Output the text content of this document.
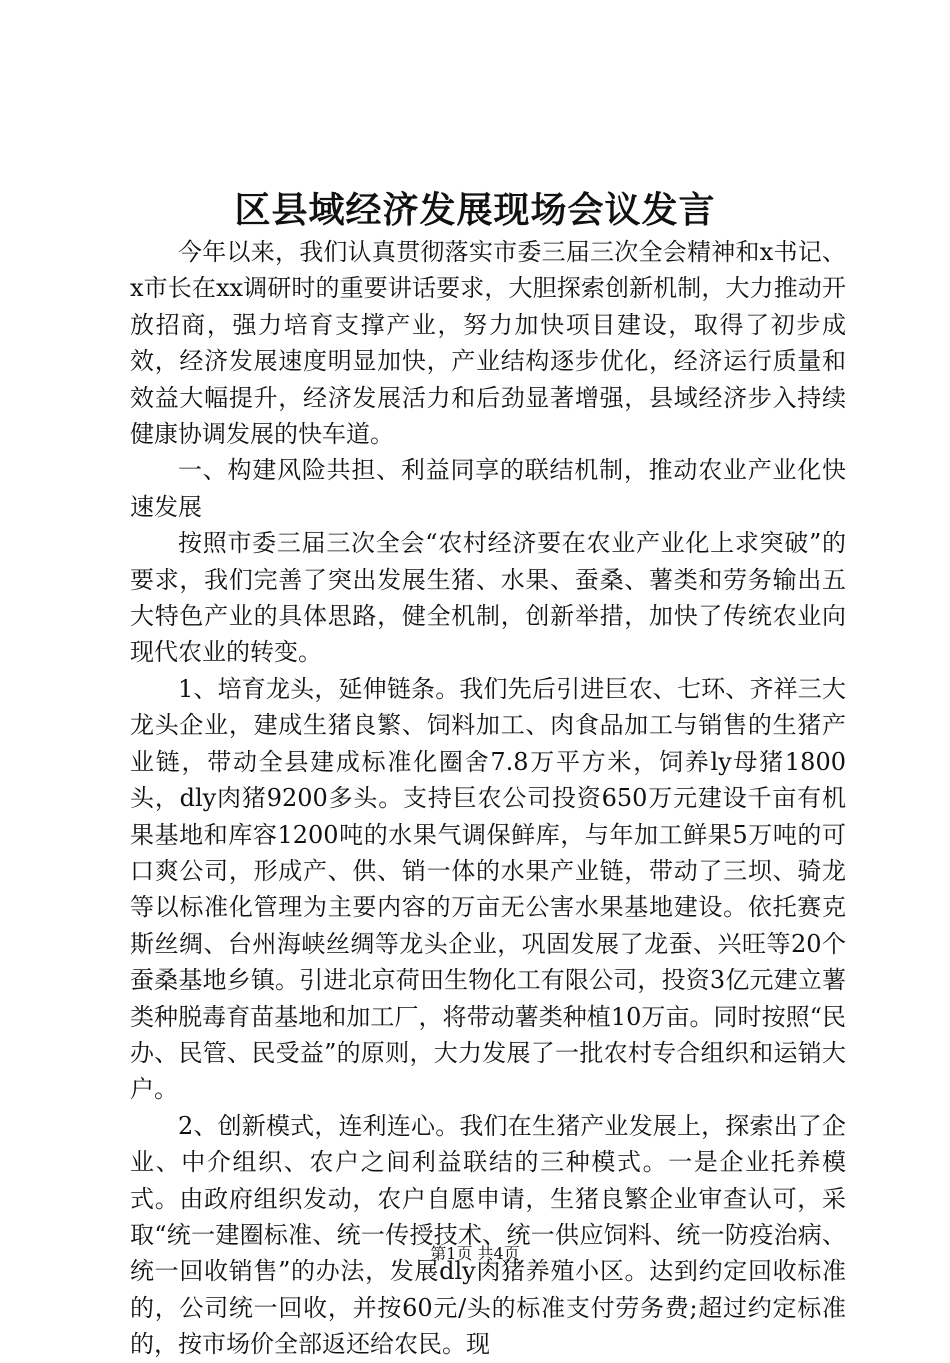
区县域经济发展现场会议发言

今年以来，我们认真贯彻落实市委三届三次全会精神和x书记、x市长在xx调研时的重要讲话要求，大胆探索创新机制，大力推动开放招商，强力培育支撑产业，努力加快项目建设，取得了初步成效，经济发展速度明显加快，产业结构逐步优化，经济运行质量和效益大幅提升，经济发展活力和后劲显著增强，县域经济步入持续健康协调发展的快车道。

一、构建风险共担、利益同享的联结机制，推动农业产业化快速发展

按照市委三届三次全会“农村经济要在农业产业化上求突破”的要求，我们完善了突出发展生猪、水果、蚕桑、薯类和劳务输出五大特色产业的具体思路，健全机制，创新举措，加快了传统农业向现代农业的转变。

1、培育龙头，延伸链条。我们先后引进巨农、七环、齐祥三大龙头企业，建成生猪良繁、饲料加工、肉食品加工与销售的生猪产业链，带动全县建成标准化圈舍7.8万平方米，饲养ly母猪1800头，dly肉猪9200多头。支持巨农公司投资650万元建设千亩有机果基地和库容1200吨的水果气调保鲜库，与年加工鲜果5万吨的可口爽公司，形成产、供、销一体的水果产业链，带动了三坝、骑龙等以标准化管理为主要内容的万亩无公害水果基地建设。依托赛克斯丝绸、台州海峡丝绸等龙头企业，巩固发展了龙蚕、兴旺等20个蚕桑基地乡镇。引进北京荷田生物化工有限公司，投资3亿元建立薯类种脱毒育苗基地和加工厂，将带动薯类种植10万亩。同时按照“民办、民管、民受益”的原则，大力发展了一批农村专合组织和运销大户。

2、创新模式，连利连心。我们在生猪产业发展上，探索出了企业、中介组织、农户之间利益联结的三种模式。一是企业托养模式。由政府组织发动，农户自愿申请，生猪良繁企业审查认可，采取“统一建圈标准、统一传授技术、统一供应饲料、统一防疫治病、统一回收销售”的办法，发展dly肉猪养殖小区。达到约定回收标准的，公司统一回收，并按60元/头的标准支付劳务费;超过约定标准的，按市场价全部返还给农民。现

第1页 共4页
